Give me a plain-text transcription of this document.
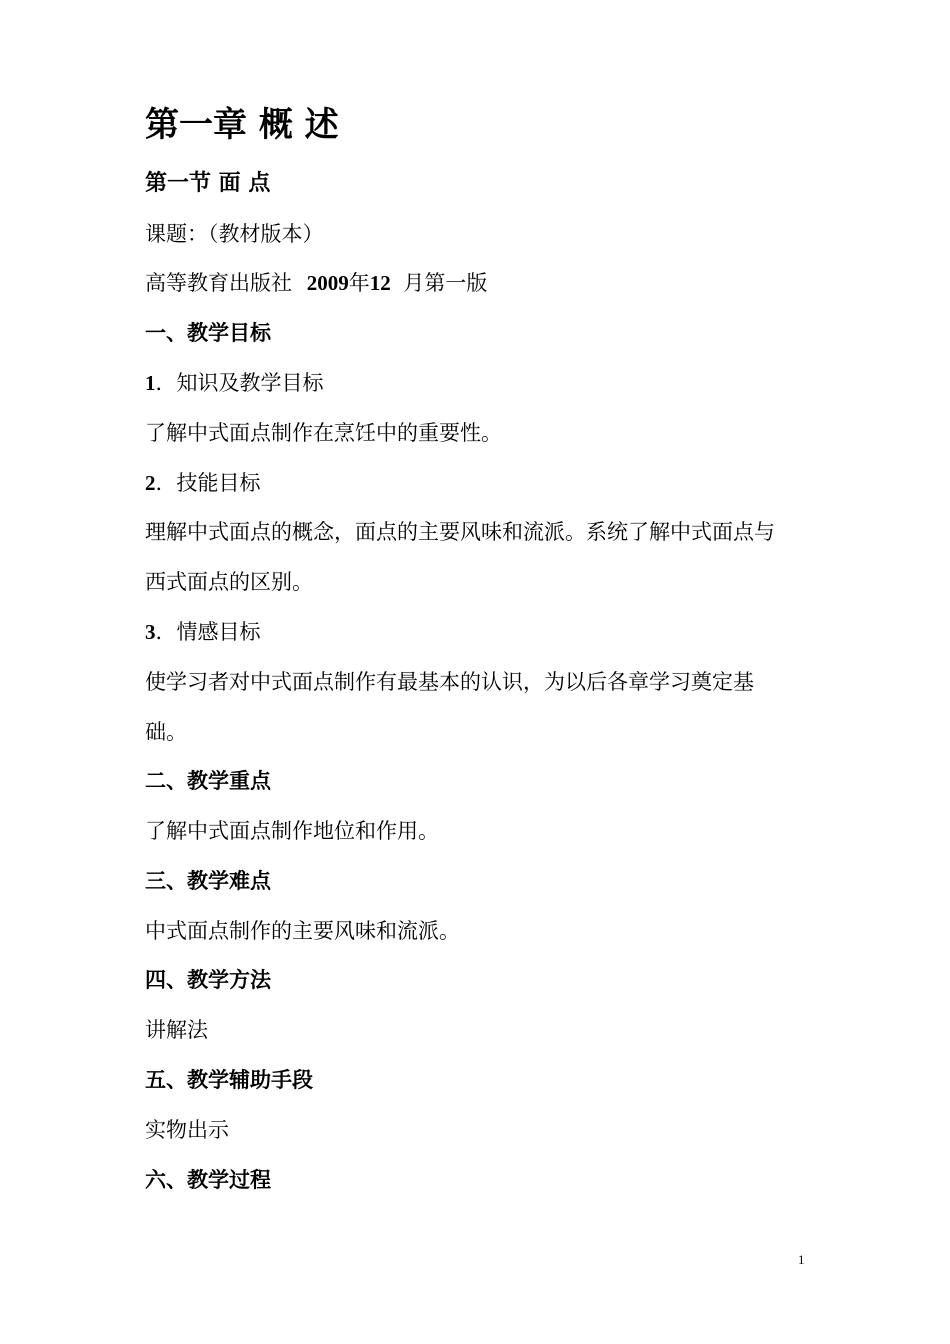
第一章 概 述
第一节 面 点
课题：（教材版本）
高等教育出版社 2009年12 月第一版
一、教学目标
1．知识及教学目标
了解中式面点制作在烹饪中的重要性。
2．技能目标
理解中式面点的概念，面点的主要风味和流派。系统了解中式面点与
西式面点的区别。
3．情感目标
使学习者对中式面点制作有最基本的认识，为以后各章学习奠定基
础。
二、教学重点
了解中式面点制作地位和作用。
三、教学难点
中式面点制作的主要风味和流派。
四、教学方法
讲解法
五、教学辅助手段
实物出示
六、教学过程
1
